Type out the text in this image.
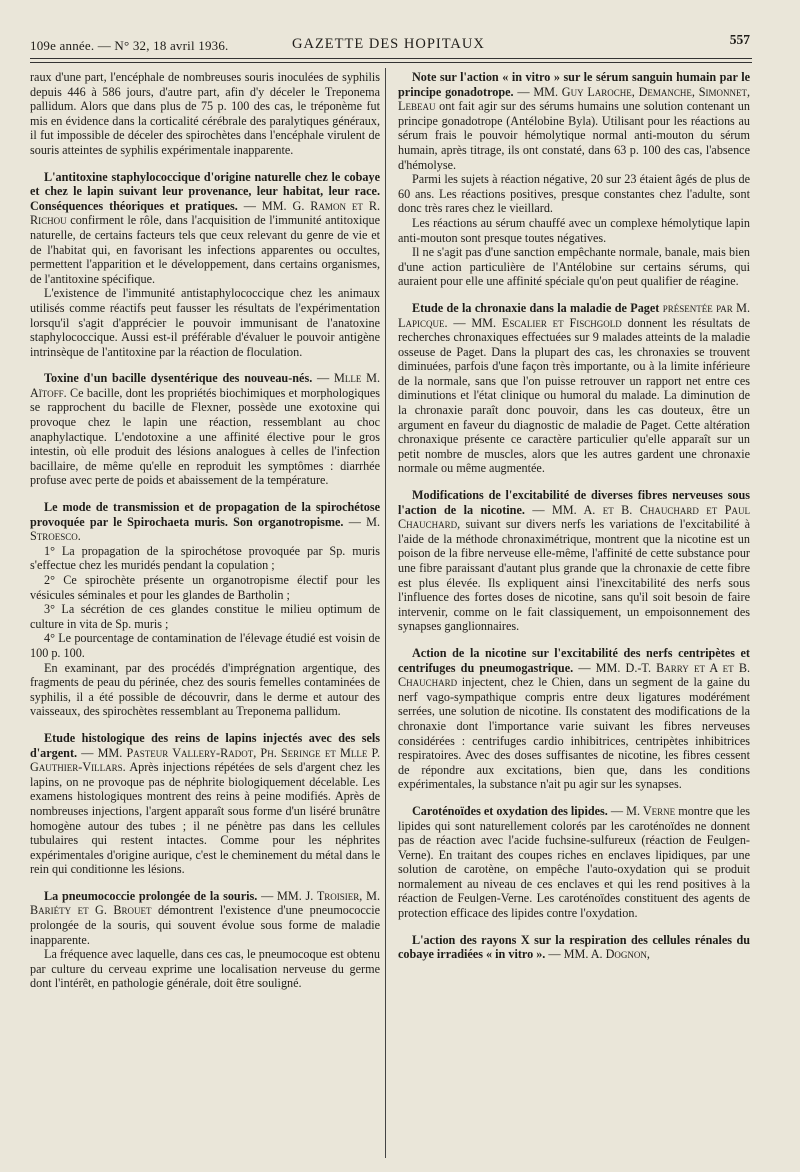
109e année. — N° 32, 18 avril 1936.	GAZETTE DES HOPITAUX	557

raux d'une part, l'encéphale de nombreuses souris inoculées de syphilis depuis 446 à 586 jours, d'autre part, afin d'y déceler le Treponema pallidum. Alors que dans plus de 75 p. 100 des cas, le tréponème fut mis en évidence dans la corticalité cérébrale des paralytiques généraux, il fut impossible de déceler des spirochètes dans l'encéphale virulent de souris atteintes de syphilis expérimentale inapparente.

L'antitoxine staphylococcique d'origine naturelle chez le cobaye et chez le lapin suivant leur provenance, leur habitat, leur race. Conséquences théoriques et pratiques. — MM. G. Ramon et R. Richou confirment le rôle, dans l'acquisition de l'immunité antitoxique naturelle, de certains facteurs tels que ceux relevant du genre de vie et de l'habitat qui, en favorisant les infections apparentes ou occultes, permettent l'apparition et le développement, dans certains organismes, de l'antitoxine spécifique.

L'existence de l'immunité antistaphylococcique chez les animaux utilisés comme réactifs peut fausser les résultats de l'expérimentation lorsqu'il s'agit d'apprécier le pouvoir immunisant de l'anatoxine staphylococcique. Aussi est-il préférable d'évaluer le pouvoir antigène intrinsèque de l'antitoxine par la réaction de floculation.

Toxine d'un bacille dysentérique des nouveau-nés. — Mlle M. Aïtoff. Ce bacille, dont les propriétés biochimiques et morphologiques se rapprochent du bacille de Flexner, possède une exotoxine qui provoque chez le lapin une réaction, ressemblant au choc anaphylactique. L'endotoxine a une affinité élective pour le gros intestin, où elle produit des lésions analogues à celles de l'infection bacillaire, de même qu'elle en reproduit les symptômes : diarrhée profuse avec perte de poids et abaissement de la température.

Le mode de transmission et de propagation de la spirochétose provoquée par le Spirochaeta muris. Son organotropisme. — M. Stroesco.

1° La propagation de la spirochétose provoquée par Sp. muris s'effectue chez les muridés pendant la copulation ;

2° Ce spirochète présente un organotropisme électif pour les vésicules séminales et pour les glandes de Bartholin ;

3° La sécrétion de ces glandes constitue le milieu optimum de culture in vita de Sp. muris ;

4° Le pourcentage de contamination de l'élevage étudié est voisin de 100 p. 100.

En examinant, par des procédés d'imprégnation argentique, des fragments de peau du périnée, chez des souris femelles contaminées de syphilis, il a été possible de découvrir, dans le derme et autour des vaisseaux, des spirochètes ressemblant au Treponema pallidum.

Etude histologique des reins de lapins injectés avec des sels d'argent. — MM. Pasteur Vallery-Radot, Ph. Seringe et Mlle P. Gauthier-Villars. Après injections répétées de sels d'argent chez les lapins, on ne provoque pas de néphrite biologiquement décelable. Les examens histologiques montrent des reins à peine modifiés. Après de nombreuses injections, l'argent apparaît sous forme d'un liséré brunâtre homogène autour des tubes ; il ne pénètre pas dans les cellules tubulaires qui restent intactes. Comme pour les néphrites expérimentales d'origine aurique, c'est le cheminement du métal dans le rein qui conditionne les lésions.

La pneumococcie prolongée de la souris. — MM. J. Troisier, M. Bariéty et G. Brouet démontrent l'existence d'une pneumococcie prolongée de la souris, qui souvent évolue sous forme de maladie inapparente.

La fréquence avec laquelle, dans ces cas, le pneumocoque est obtenu par culture du cerveau exprime une localisation nerveuse du germe dont l'intérêt, en pathologie générale, doit être souligné.

Note sur l'action « in vitro » sur le sérum sanguin humain par le principe gonadotrope. — MM. Guy Laroche, Demanche, Simonnet, Lebeau ont fait agir sur des sérums humains une solution contenant un principe gonadotrope (Antélobine Byla). Utilisant pour les réactions au sérum frais le pouvoir hémolytique normal anti-mouton du sérum humain, après titrage, ils ont constaté, dans 63 p. 100 des cas, l'absence d'hémolyse.

Parmi les sujets à réaction négative, 20 sur 23 étaient âgés de plus de 60 ans. Les réactions positives, presque constantes chez l'adulte, sont donc très rares chez le vieillard.

Les réactions au sérum chauffé avec un complexe hémolytique lapin anti-mouton sont presque toutes négatives.

Il ne s'agit pas d'une sanction empêchante normale, banale, mais bien d'une action particulière de l'Antélobine sur certains sérums, qui auraient pour elle une affinité spéciale qu'on peut qualifier de réagine.

Etude de la chronaxie dans la maladie de Paget présentée par M. Lapicque. — MM. Escalier et Fischgold donnent les résultats de recherches chronaxiques effectuées sur 9 malades atteints de la maladie osseuse de Paget. Dans la plupart des cas, les chronaxies se trouvent diminuées, parfois d'une façon très importante, ou à la limite inférieure de la normale, sans que l'on puisse retrouver un rapport net entre ces diminutions et l'état clinique ou humoral du malade. La diminution de la chronaxie paraît donc pouvoir, dans les cas douteux, être un argument en faveur du diagnostic de maladie de Paget. Cette altération chronaxique présente ce caractère particulier qu'elle apparaît sur un petit nombre de muscles, alors que les autres gardent une chronaxie normale ou même augmentée.

Modifications de l'excitabilité de diverses fibres nerveuses sous l'action de la nicotine. — MM. A. et B. Chauchard et Paul Chauchard, suivant sur divers nerfs les variations de l'excitabilité à l'aide de la méthode chronaximétrique, montrent que la nicotine est un poison de la fibre nerveuse elle-même, l'affinité de cette substance pour une fibre paraissant d'autant plus grande que la chronaxie de cette fibre est plus élevée. Ils expliquent ainsi l'inexcitabilité des nerfs sous l'influence des fortes doses de nicotine, sans qu'il soit besoin de faire intervenir, comme on le fait classiquement, un empoisonnement des synapses ganglionnaires.

Action de la nicotine sur l'excitabilité des nerfs centripètes et centrifuges du pneumogastrique. — MM. D.-T. Barry et A et B. Chauchard injectent, chez le Chien, dans un segment de la gaine du nerf vago-sympathique compris entre deux ligatures modérément serrées, une solution de nicotine. Ils constatent des modifications de la chronaxie dont l'importance varie suivant les fibres nerveuses considérées : centrifuges cardio inhibitrices, centripètes inhibitrices respiratoires. Avec des doses suffisantes de nicotine, les fibres cessent de répondre aux excitations, bien que, dans les conditions expérimentales, la substance n'ait pu agir sur les synapses.

Caroténoïdes et oxydation des lipides. — M. Verne montre que les lipides qui sont naturellement colorés par les caroténoïdes ne donnent pas de réaction avec l'acide fuchsine-sulfureux (réaction de Feulgen-Verne). En traitant des coupes riches en enclaves lipidiques, par une solution de carotène, on empêche l'auto-oxydation qui se produit normalement au niveau de ces enclaves et qui les rend positives à la réaction de Feulgen-Verne. Les caroténoïdes constituent des agents de protection efficace des lipides contre l'oxydation.

L'action des rayons X sur la respiration des cellules rénales du cobaye irradiées « in vitro ». — MM. A. Dognon,
